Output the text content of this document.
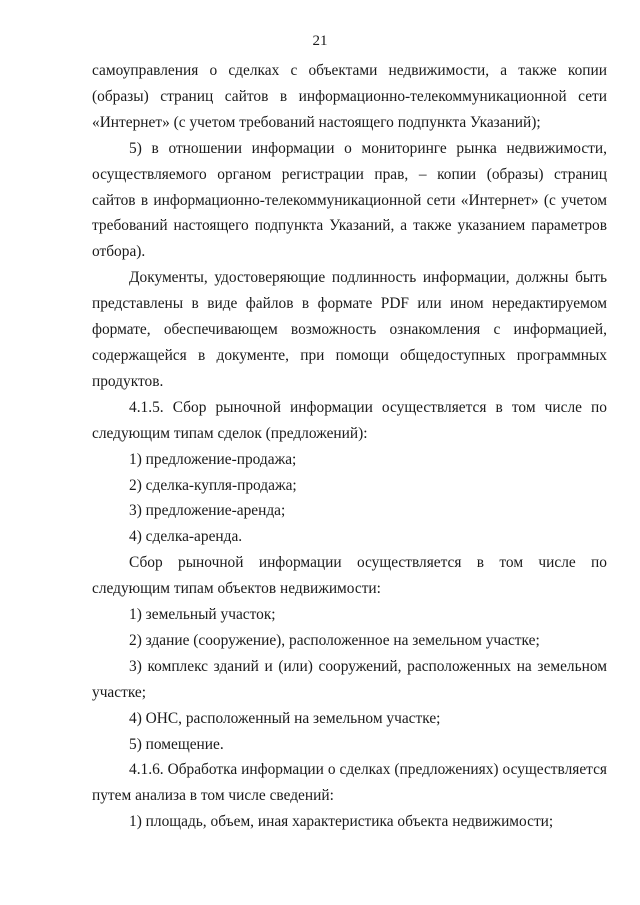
21

самоуправления о сделках с объектами недвижимости, а также копии (образы) страниц сайтов в информационно-телекоммуникационной сети «Интернет» (с учетом требований настоящего подпункта Указаний);

5) в отношении информации о мониторинге рынка недвижимости, осуществляемого органом регистрации прав, – копии (образы) страниц сайтов в информационно-телекоммуникационной сети «Интернет» (с учетом требований настоящего подпункта Указаний, а также указанием параметров отбора).

Документы, удостоверяющие подлинность информации, должны быть представлены в виде файлов в формате PDF или ином нередактируемом формате, обеспечивающем возможность ознакомления с информацией, содержащейся в документе, при помощи общедоступных программных продуктов.

4.1.5. Сбор рыночной информации осуществляется в том числе по следующим типам сделок (предложений):

1) предложение-продажа;

2) сделка-купля-продажа;

3) предложение-аренда;

4) сделка-аренда.

Сбор рыночной информации осуществляется в том числе по следующим типам объектов недвижимости:

1) земельный участок;

2) здание (сооружение), расположенное на земельном участке;

3) комплекс зданий и (или) сооружений, расположенных на земельном участке;

4) ОНС, расположенный на земельном участке;

5) помещение.

4.1.6. Обработка информации о сделках (предложениях) осуществляется путем анализа в том числе сведений:

1) площадь, объем, иная характеристика объекта недвижимости;
